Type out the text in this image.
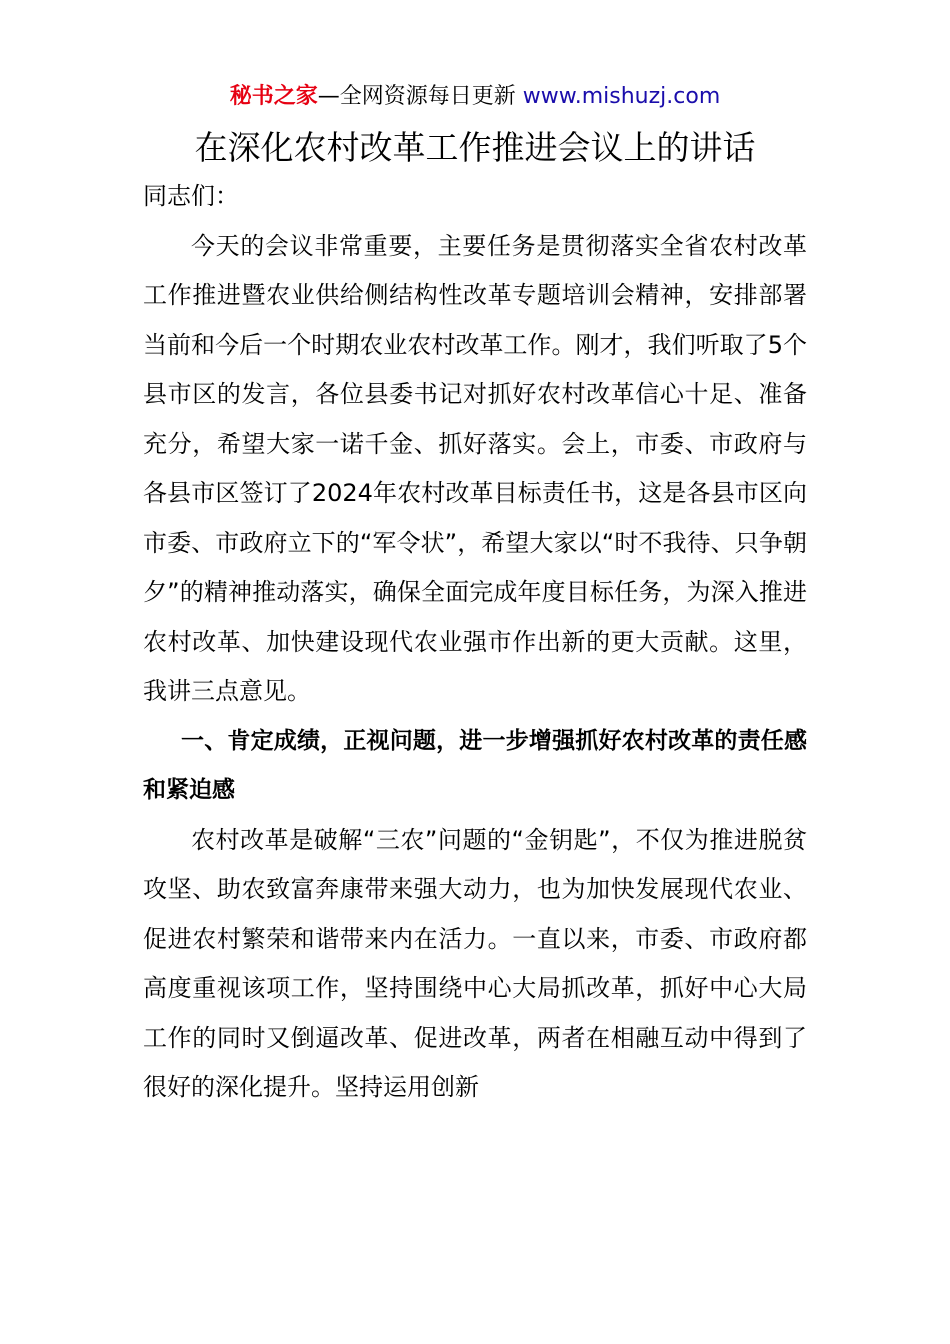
秘书之家—全网资源每日更新 www.mishuzj.com
在深化农村改革工作推进会议上的讲话

同志们：

今天的会议非常重要，主要任务是贯彻落实全省农村改革工作推进暨农业供给侧结构性改革专题培训会精神，安排部署当前和今后一个时期农业农村改革工作。刚才，我们听取了5个县市区的发言，各位县委书记对抓好农村改革信心十足、准备充分，希望大家一诺千金、抓好落实。会上，市委、市政府与各县市区签订了2024年农村改革目标责任书，这是各县市区向市委、市政府立下的“军令状”，希望大家以“时不我待、只争朝夕”的精神推动落实，确保全面完成年度目标任务，为深入推进农村改革、加快建设现代农业强市作出新的更大贡献。这里，我讲三点意见。

一、肯定成绩，正视问题，进一步增强抓好农村改革的责任感和紧迫感

农村改革是破解“三农”问题的“金钥匙”，不仅为推进脱贫攻坚、助农致富奔康带来强大动力，也为加快发展现代农业、促进农村繁荣和谐带来内在活力。一直以来，市委、市政府都高度重视该项工作，坚持围绕中心大局抓改革，抓好中心大局工作的同时又倒逼改革、促进改革，两者在相融互动中得到了很好的深化提升。坚持运用创新
